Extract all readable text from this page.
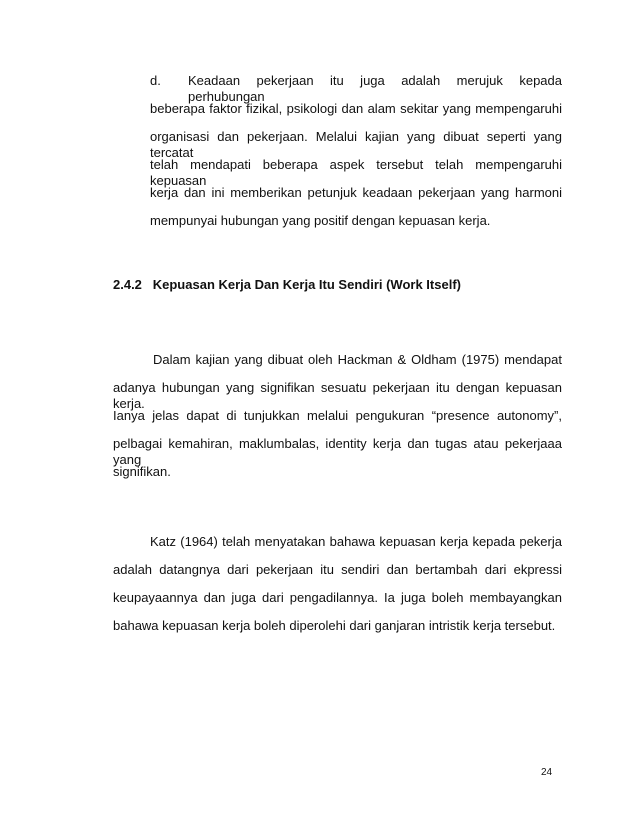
d. Keadaan pekerjaan itu juga adalah merujuk kepada perhubungan
beberapa faktor fizikal, psikologi dan alam sekitar yang mempengaruhi
organisasi dan pekerjaan. Melalui kajian yang dibuat seperti yang tercatat
telah mendapati beberapa aspek tersebut telah mempengaruhi kepuasan
kerja dan ini memberikan petunjuk keadaan pekerjaan yang harmoni
mempunyai hubungan yang positif dengan kepuasan kerja.
2.4.2   Kepuasan Kerja Dan Kerja Itu Sendiri (Work Itself)
Dalam kajian yang dibuat oleh Hackman & Oldham (1975) mendapat
adanya hubungan yang signifikan sesuatu pekerjaan itu dengan kepuasan kerja.
Ianya jelas dapat di tunjukkan melalui pengukuran “presence autonomy”,
pelbagai kemahiran, maklumbalas, identity kerja dan tugas atau pekerjaaa yang
signifikan.
Katz (1964) telah menyatakan bahawa kepuasan kerja kepada pekerja
adalah datangnya dari pekerjaan itu sendiri dan bertambah dari ekpressi
keupayaannya dan juga dari pengadilannya. Ia juga boleh membayangkan
bahawa kepuasan kerja boleh diperolehi dari ganjaran intristik kerja tersebut.
24
